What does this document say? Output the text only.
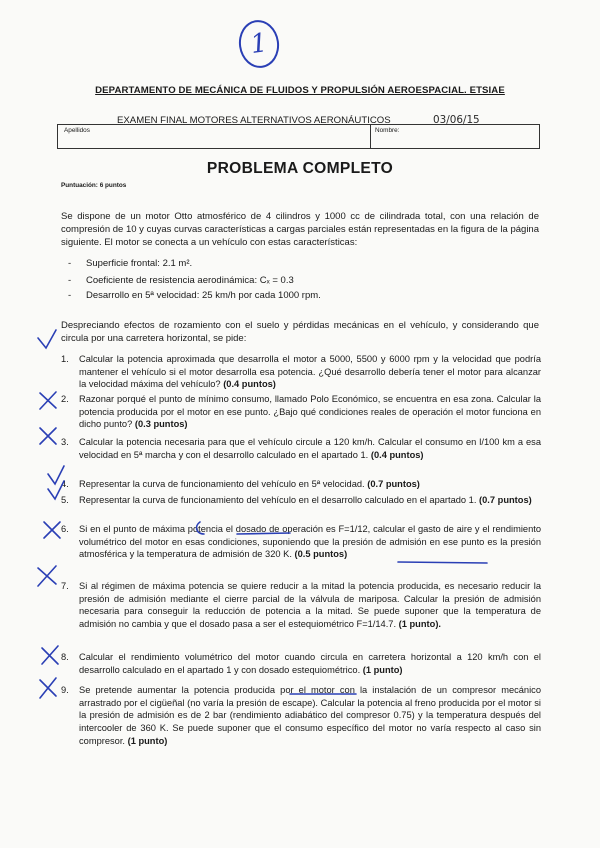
1
DEPARTAMENTO DE MECÁNICA DE FLUIDOS Y PROPULSIÓN AEROESPACIAL. ETSIAE
EXAMEN FINAL MOTORES ALTERNATIVOS AERONÁUTICOS	03/06/15
Apellidos	Nombre:
PROBLEMA COMPLETO
Puntuación: 6 puntos
Se dispone de un motor Otto atmosférico de 4 cilindros y 1000 cc de cilindrada total, con una relación de compresión de 10 y cuyas curvas características a cargas parciales están representadas en la figura de la página siguiente. El motor se conecta a un vehículo con estas características:
- Superficie frontal: 2.1 m².
- Coeficiente de resistencia aerodinámica: Cₓ = 0.3
- Desarrollo en 5ª velocidad: 25 km/h por cada 1000 rpm.
Despreciando efectos de rozamiento con el suelo y pérdidas mecánicas en el vehículo, y considerando que circula por una carretera horizontal, se pide:
1. Calcular la potencia aproximada que desarrolla el motor a 5000, 5500 y 6000 rpm y la velocidad que podría mantener el vehículo si el motor desarrolla esa potencia. ¿Qué desarrollo debería tener el motor para alcanzar la velocidad máxima del vehículo? (0.4 puntos)
2. Razonar porqué el punto de mínimo consumo, llamado Polo Económico, se encuentra en esa zona. Calcular la potencia producida por el motor en ese punto. ¿Bajo qué condiciones reales de operación el motor funciona en dicho punto? (0.3 puntos)
3. Calcular la potencia necesaria para que el vehículo circule a 120 km/h. Calcular el consumo en l/100 km a esa velocidad en 5ª marcha y con el desarrollo calculado en el apartado 1. (0.4 puntos)
4. Representar la curva de funcionamiento del vehículo en 5ª velocidad. (0.7 puntos)
5. Representar la curva de funcionamiento del vehículo en el desarrollo calculado en el apartado 1. (0.7 puntos)
6. Si en el punto de máxima potencia el dosado de operación es F=1/12, calcular el gasto de aire y el rendimiento volumétrico del motor en esas condiciones, suponiendo que la presión de admisión en ese punto es la presión atmosférica y la temperatura de admisión de 320 K. (0.5 puntos)
7. Si al régimen de máxima potencia se quiere reducir a la mitad la potencia producida, es necesario reducir la presión de admisión mediante el cierre parcial de la válvula de mariposa. Calcular la presión de admisión necesaria para conseguir la reducción de potencia a la mitad. Se puede suponer que la temperatura de admisión no cambia y que el dosado pasa a ser el estequiométrico F=1/14.7. (1 punto).
8. Calcular el rendimiento volumétrico del motor cuando circula en carretera horizontal a 120 km/h con el desarrollo calculado en el apartado 1 y con dosado estequiométrico. (1 punto)
9. Se pretende aumentar la potencia producida por el motor con la instalación de un compresor mecánico arrastrado por el cigüeñal (no varía la presión de escape). Calcular la potencia al freno producida por el motor si la presión de admisión es de 2 bar (rendimiento adiabático del compresor 0.75) y la temperatura después del intercooler de 360 K. Se puede suponer que el consumo específico del motor no varía respecto al caso sin compresor. (1 punto)
